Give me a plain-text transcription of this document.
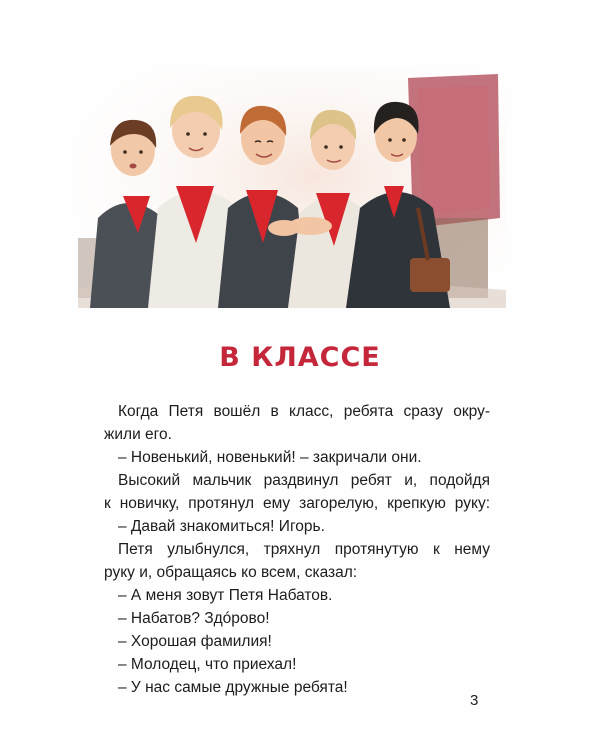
В КЛАССЕ
Когда Петя вошёл в класс, ребята сразу окру-
жили его.
– Новенький, новенький! – закричали они.
Высокий мальчик раздвинул ребят и, подойдя
к новичку, протянул ему загорелую, крепкую руку:
– Давай знакомиться! Игорь.
Петя улыбнулся, тряхнул протянутую к нему
руку и, обращаясь ко всем, сказал:
– А меня зовут Петя Набатов.
– Набатов? Здóрово!
– Хорошая фамилия!
– Молодец, что приехал!
– У нас самые дружные ребята!
3
